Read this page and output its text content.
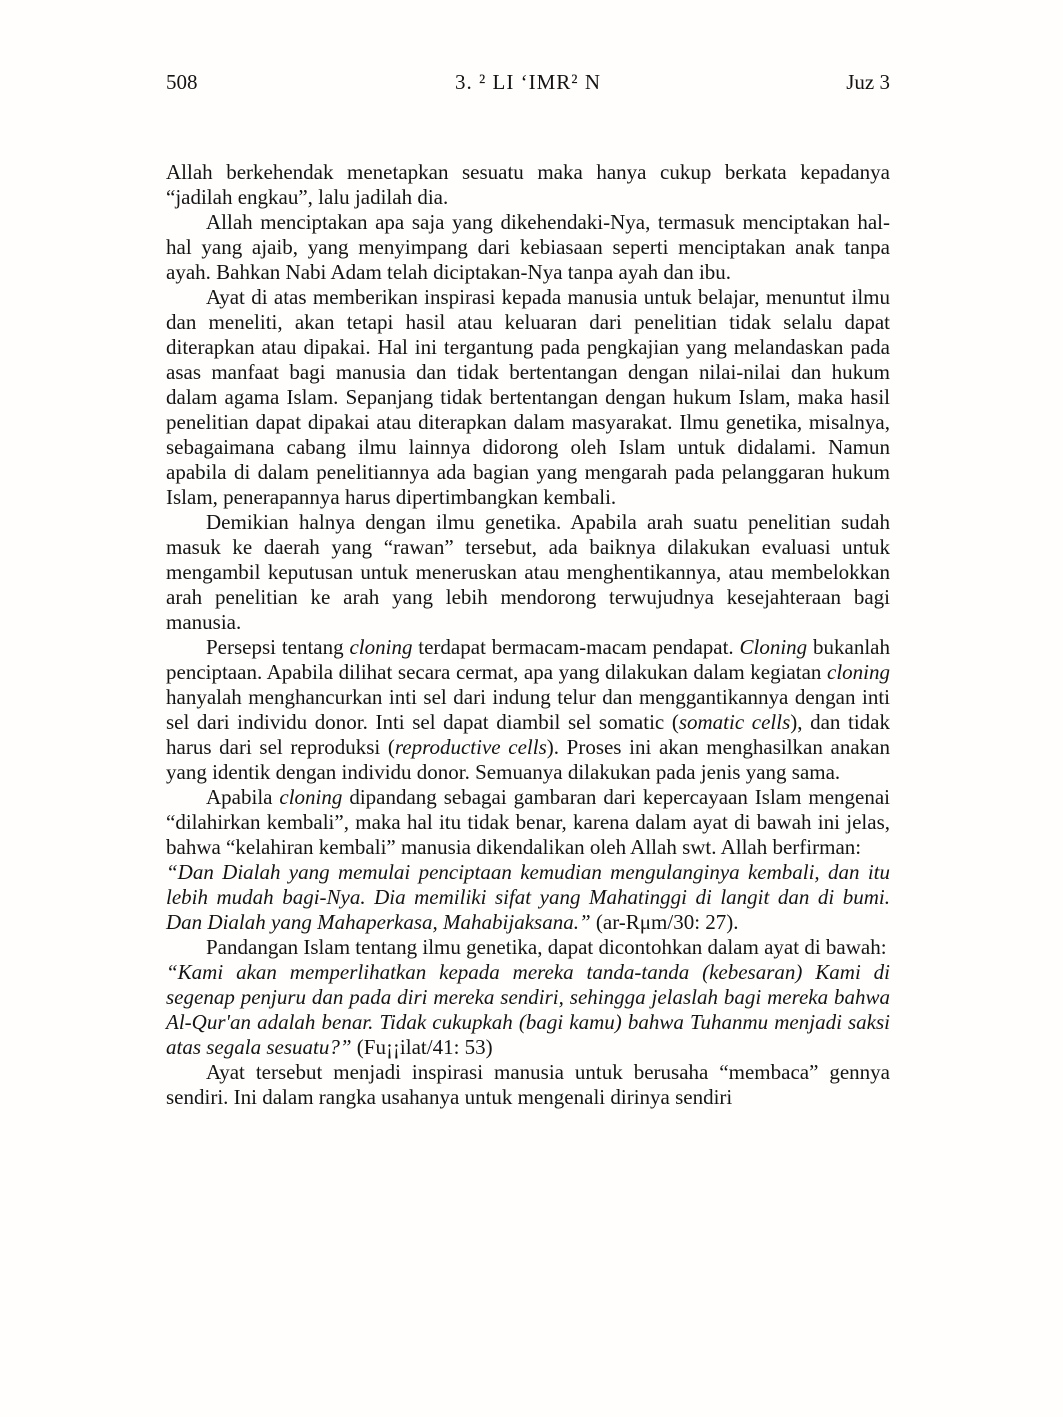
508	3. ² LI ‘IMR² N	Juz 3

Allah berkehendak menetapkan sesuatu maka hanya cukup berkata kepadanya “jadilah engkau”, lalu jadilah dia.

Allah menciptakan apa saja yang dikehendaki-Nya, termasuk menciptakan hal-hal yang ajaib, yang menyimpang dari kebiasaan seperti menciptakan anak tanpa ayah. Bahkan Nabi Adam telah diciptakan-Nya tanpa ayah dan ibu.

Ayat di atas memberikan inspirasi kepada manusia untuk belajar, menuntut ilmu dan meneliti, akan tetapi hasil atau keluaran dari penelitian tidak selalu dapat diterapkan atau dipakai. Hal ini tergantung pada pengkajian yang melandaskan pada asas manfaat bagi manusia dan tidak bertentangan dengan nilai-nilai dan hukum dalam agama Islam. Sepanjang tidak bertentangan dengan hukum Islam, maka hasil penelitian dapat dipakai atau diterapkan dalam masyarakat. Ilmu genetika, misalnya, sebagaimana cabang ilmu lainnya didorong oleh Islam untuk didalami. Namun apabila di dalam penelitiannya ada bagian yang mengarah pada pelanggaran hukum Islam, penerapannya harus dipertimbangkan kembali.

Demikian halnya dengan ilmu genetika. Apabila arah suatu penelitian sudah masuk ke daerah yang “rawan” tersebut, ada baiknya dilakukan evaluasi untuk mengambil keputusan untuk meneruskan atau menghentikannya, atau membelokkan arah penelitian ke arah yang lebih mendorong terwujudnya kesejahteraan bagi manusia.

Persepsi tentang cloning terdapat bermacam-macam pendapat. Cloning bukanlah penciptaan. Apabila dilihat secara cermat, apa yang dilakukan dalam kegiatan cloning hanyalah menghancurkan inti sel dari indung telur dan menggantikannya dengan inti sel dari individu donor. Inti sel dapat diambil sel somatic (somatic cells), dan tidak harus dari sel reproduksi (reproductive cells). Proses ini akan menghasilkan anakan yang identik dengan individu donor. Semuanya dilakukan pada jenis yang sama.

Apabila cloning dipandang sebagai gambaran dari kepercayaan Islam mengenai “dilahirkan kembali”, maka hal itu tidak benar, karena dalam ayat di bawah ini jelas, bahwa “kelahiran kembali” manusia dikendalikan oleh Allah swt. Allah berfirman:

“Dan Dialah yang memulai penciptaan kemudian mengulanginya kembali, dan itu lebih mudah bagi-Nya. Dia memiliki sifat yang Mahatinggi di langit dan di bumi. Dan Dialah yang Mahaperkasa, Mahabijaksana.” (ar-Rμm/30: 27).

Pandangan Islam tentang ilmu genetika, dapat dicontohkan dalam ayat di bawah:

“Kami akan memperlihatkan kepada mereka tanda-tanda (kebesaran) Kami di segenap penjuru dan pada diri mereka sendiri, sehingga jelaslah bagi mereka bahwa Al-Qur'an adalah benar. Tidak cukupkah (bagi kamu) bahwa Tuhanmu menjadi saksi atas segala sesuatu?” (Fu¡¡ilat/41: 53)

Ayat tersebut menjadi inspirasi manusia untuk berusaha “membaca” gennya sendiri. Ini dalam rangka usahanya untuk mengenali dirinya sendiri
